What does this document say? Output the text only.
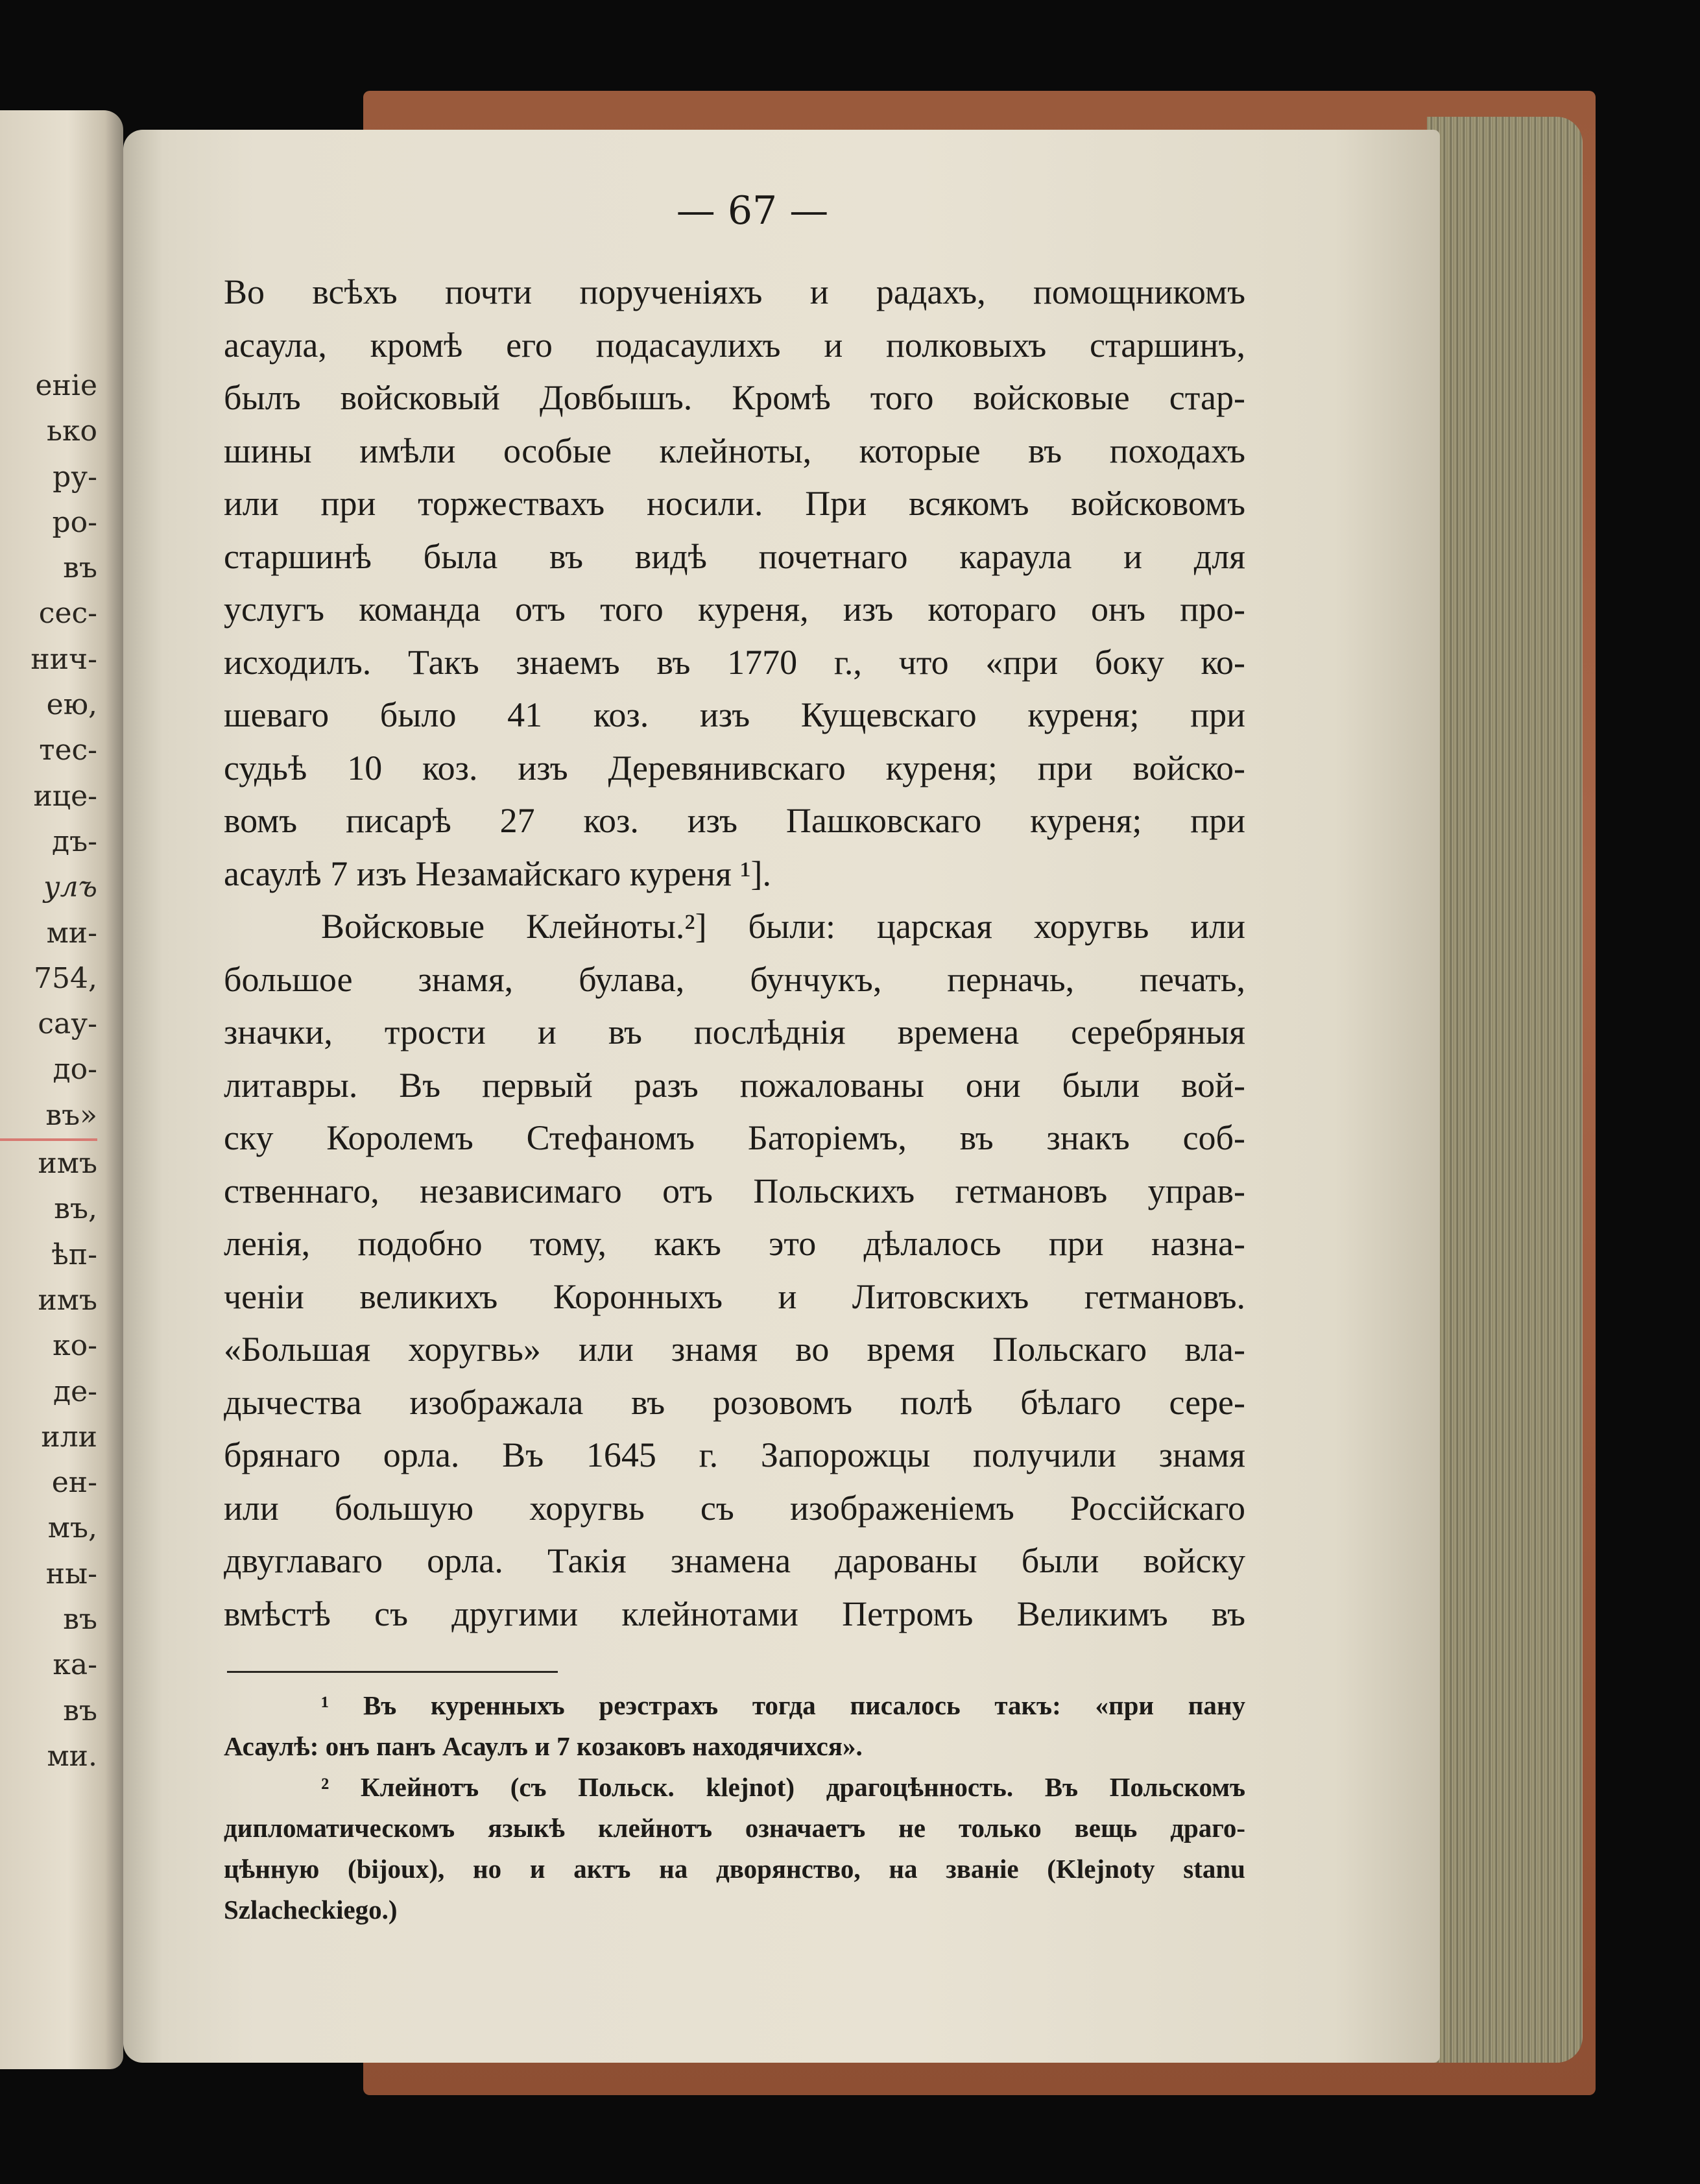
еніе
ько
ру-
ро-
въ
сес-
нич-
ею,
тес-
ице-
дъ-
улъ
ми-
754,
сау-
до-
въ»
имъ
въ,
ѣп-
имъ
ко-
де-
или
ен-
мъ,
ны-
въ
ка-
въ
ми.
— 67 —
Во всѣхъ почти порученіяхъ и радахъ, помощникомъ
асаула, кромѣ его подасаулихъ и полковыхъ старшинъ,
былъ войсковый Довбышъ. Кромѣ того войсковые стар-
шины имѣли особые клейноты, которые въ походахъ
или при торжествахъ носили. При всякомъ войсковомъ
старшинѣ была въ видѣ почетнаго караула и для
услугъ команда отъ того куреня, изъ котораго онъ про-
исходилъ. Такъ знаемъ въ 1770 г., что «при боку ко-
шеваго было 41 коз. изъ Кущевскаго куреня; при
судьѣ 10 коз. изъ Деревянивскаго куреня; при войско-
вомъ писарѣ 27 коз. изъ Пашковскаго куреня; при
асаулѣ 7 изъ Незамайскаго куреня ¹].
Войсковые Клейноты.²] были: царская хоругвь или
большое знамя, булава, бунчукъ, перначь, печать,
значки, трости и въ послѣднія времена серебряныя
литавры. Въ первый разъ пожалованы они были вой-
ску Королемъ Стефаномъ Баторіемъ, въ знакъ соб-
ственнаго, независимаго отъ Польскихъ гетмановъ управ-
ленія, подобно тому, какъ это дѣлалось при назна-
ченіи великихъ Коронныхъ и Литовскихъ гетмановъ.
«Большая хоругвь» или знамя во время Польскаго вла-
дычества изображала въ розовомъ полѣ бѣлаго сере-
брянаго орла. Въ 1645 г. Запорожцы получили знамя
или большую хоругвь съ изображеніемъ Россійскаго
двуглаваго орла. Такія знамена дарованы были войску
вмѣстѣ съ другими клейнотами Петромъ Великимъ въ
¹ Въ куренныхъ реэстрахъ тогда писалось такъ: «при пану
Асаулѣ: онъ панъ Асаулъ и 7 козаковъ находячихся».
² Клейнотъ (съ Польск. klejnot) драгоцѣнность. Въ Польскомъ
дипломатическомъ языкѣ клейнотъ означаетъ не только вещь драго-
цѣнную (bijoux), но и актъ на дворянство, на званіе (Klejnoty stanu
Szlacheckiego.)
